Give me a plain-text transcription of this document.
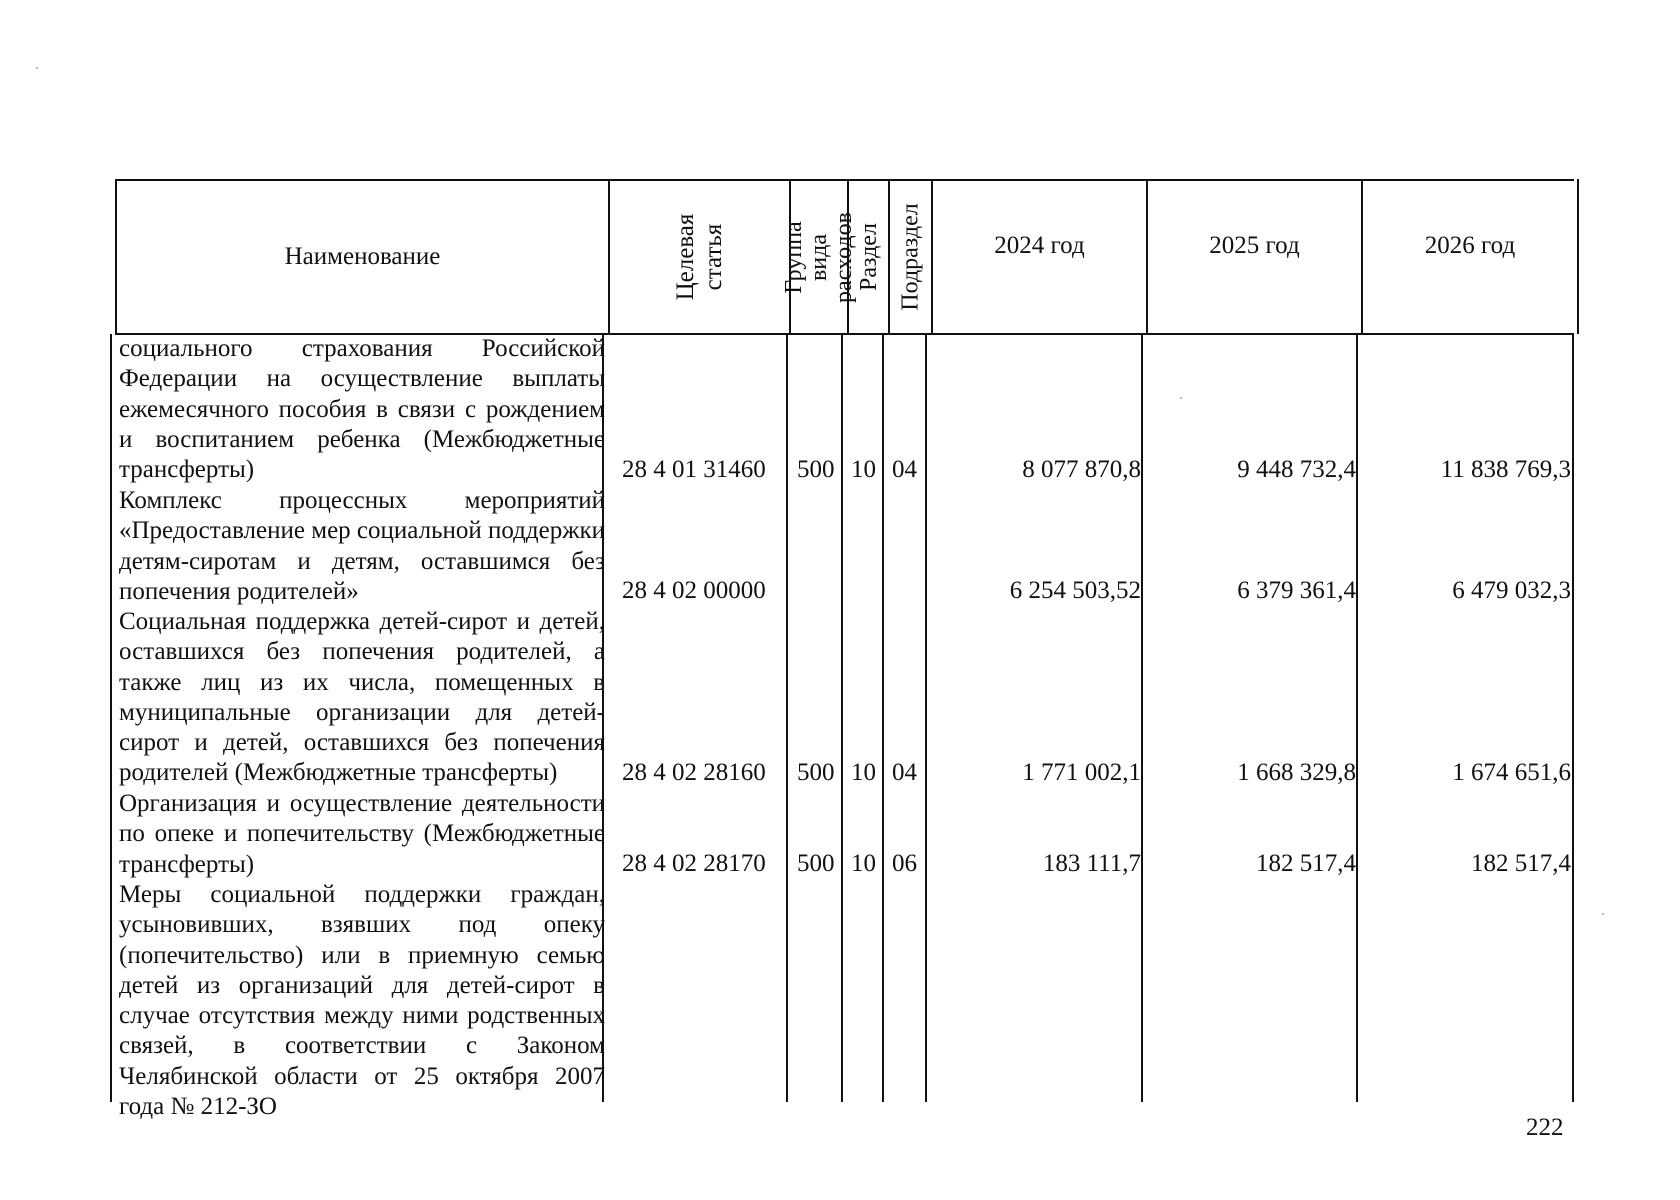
Наименование	Целевая статья Группа вида расходов Раздел Подраздел	2024 год	2025 год	2026 год
социального страхования Российской Федерации на осуществление выплаты ежемесячного пособия в связи с рождением и воспитанием ребенка (Межбюджетные трансферты)	28 4 01 31460 500 10 04	8 077 870,8	9 448 732,4	11 838 769,3
Комплекс процессных мероприятий «Предоставление мер социальной поддержки детям-сиротам и детям, оставшимся без попечения родителей»	28 4 02 00000	6 254 503,52	6 379 361,4	6 479 032,3
Социальная поддержка детей-сирот и детей, оставшихся без попечения родителей, а также лиц из их числа, помещенных в муниципальные организации для детей-сирот и детей, оставшихся без попечения родителей (Межбюджетные трансферты)	28 4 02 28160 500 10 04	1 771 002,1	1 668 329,8	1 674 651,6
Организация и осуществление деятельности по опеке и попечительству (Межбюджетные трансферты)	28 4 02 28170 500 10 06	183 111,7	182 517,4	182 517,4
Меры социальной поддержки граждан, усыновивших, взявших под опеку (попечительство) или в приемную семью детей из организаций для детей-сирот в случае отсутствия между ними родственных связей, в соответствии с Законом Челябинской области от 25 октября 2007 года № 212-ЗО
222
